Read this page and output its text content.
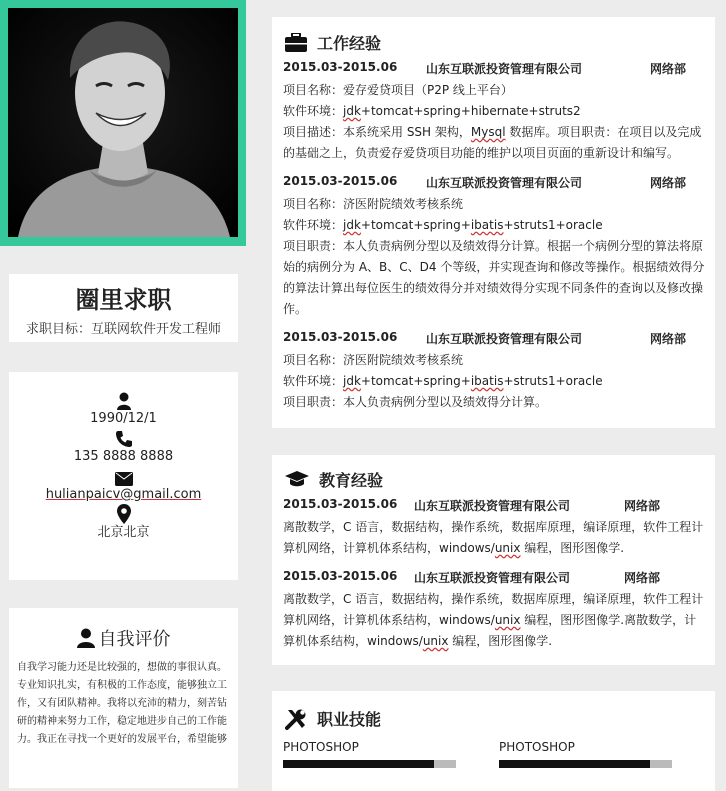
圈里求职
求职目标：互联网软件开发工程师
1990/12/1
135 8888 8888
hulianpaicv@gmail.com
北京北京
自我评价
自我学习能力还是比较强的，想做的事很认真。专业知识扎实，有积极的工作态度，能够独立工作，又有团队精神。我将以充沛的精力，刻苦钻研的精神来努力工作，稳定地进步自己的工作能力。我正在寻找一个更好的发展平台，希望能够
工作经验
2015.03-2015.06	山东互联派投资管理有限公司	网络部
项目名称：爱存爱贷项目（P2P 线上平台）
软件环境：jdk+tomcat+spring+hibernate+struts2
项目描述：本系统采用 SSH 架构，Mysql 数据库。项目职责：在项目以及完成的基础之上，负责爱存爱贷项目功能的维护以项目页面的重新设计和编写。
2015.03-2015.06	山东互联派投资管理有限公司	网络部
项目名称：济医附院绩效考核系统
软件环境：jdk+tomcat+spring+ibatis+struts1+oracle
项目职责：本人负责病例分型以及绩效得分计算。根据一个病例分型的算法将原始的病例分为 A、B、C、D4 个等级，并实现查询和修改等操作。根据绩效得分的算法计算出每位医生的绩效得分并对绩效得分实现不同条件的查询以及修改操作。
2015.03-2015.06	山东互联派投资管理有限公司	网络部
项目名称：济医附院绩效考核系统
软件环境：jdk+tomcat+spring+ibatis+struts1+oracle
项目职责：本人负责病例分型以及绩效得分计算。
教育经验
2015.03-2015.06	山东互联派投资管理有限公司	网络部
离散数学，C 语言，数据结构，操作系统，数据库原理，编译原理，软件工程计算机网络，计算机体系结构，windows/unix 编程，图形图像学.
2015.03-2015.06	山东互联派投资管理有限公司	网络部
离散数学，C 语言，数据结构，操作系统，数据库原理，编译原理，软件工程计算机网络，计算机体系结构，windows/unix 编程，图形图像学.离散数学，计算机体系结构，windows/unix 编程，图形图像学.
职业技能
PHOTOSHOP	PHOTOSHOP
